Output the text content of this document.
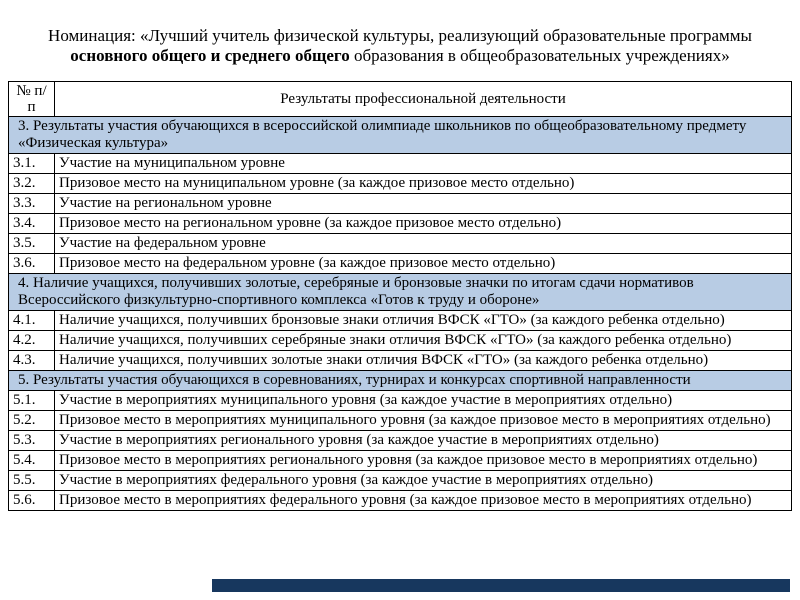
Номинация: «Лучший учитель физической культуры, реализующий образовательные программы
основного общего и среднего общего образования в общеобразовательных учреждениях»
№ п/п	Результаты профессиональной деятельности
3. Результаты участия обучающихся в всероссийской олимпиаде школьников по общеобразовательному предмету «Физическая культура»	
3.1.	Участие на муниципальном уровне
3.2.	Призовое место на муниципальном уровне (за каждое призовое место отдельно)
3.3.	Участие на региональном уровне
3.4.	Призовое место на региональном уровне (за каждое призовое место отдельно)
3.5.	Участие на федеральном уровне
3.6.	Призовое место на федеральном уровне (за каждое призовое место отдельно)
4. Наличие учащихся, получивших золотые, серебряные и бронзовые значки по итогам сдачи нормативов Всероссийского физкультурно-спортивного комплекса «Готов к труду и обороне»	
4.1.	Наличие учащихся, получивших бронзовые знаки отличия ВФСК «ГТО» (за каждого ребенка отдельно)
4.2.	Наличие учащихся, получивших серебряные знаки отличия ВФСК «ГТО» (за каждого ребенка отдельно)
4.3.	Наличие учащихся, получивших золотые знаки отличия ВФСК «ГТО» (за каждого ребенка отдельно)
5. Результаты участия обучающихся в соревнованиях, турнирах и конкурсах спортивной направленности	
5.1.	Участие в мероприятиях муниципального уровня (за каждое участие в мероприятиях отдельно)
5.2.	Призовое место в мероприятиях муниципального уровня (за каждое призовое место в мероприятиях отдельно)
5.3.	Участие в мероприятиях регионального уровня (за каждое участие в мероприятиях отдельно)
5.4.	Призовое место в мероприятиях регионального уровня (за каждое призовое место в мероприятиях отдельно)
5.5.	Участие в мероприятиях федерального уровня (за каждое участие в мероприятиях отдельно)
5.6.	Призовое место в мероприятиях федерального уровня (за каждое призовое место в мероприятиях отдельно)
